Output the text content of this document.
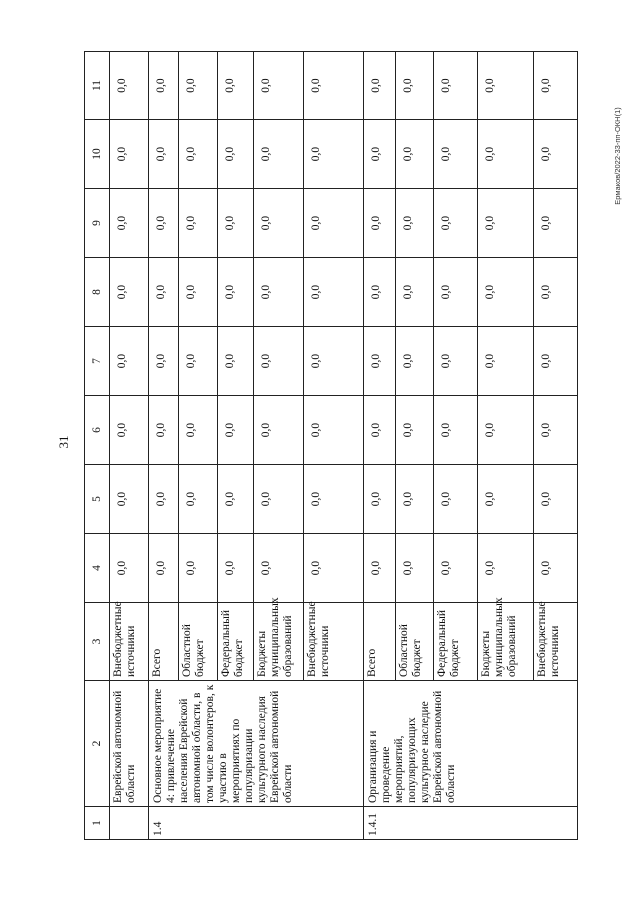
31
Ермаков/2022-33-пп-ОКН(1)
1	2	3	4	5	6	7	8	9	10	11
	Еврейской автономной области	Внебюджетные источники	0,0	0,0	0,0	0,0	0,0	0,0	0,0	0,0
1.4	Основное мероприятие 4: привлечение населения Еврейской автономной области, в том числе волонтеров, к участию в мероприятиях по популяризации культурного наследия Еврейской автономной области	Всего	0,0	0,0	0,0	0,0	0,0	0,0	0,0	0,0
		Областной бюджет	0,0	0,0	0,0	0,0	0,0	0,0	0,0	0,0
		Федеральный бюджет	0,0	0,0	0,0	0,0	0,0	0,0	0,0	0,0
		Бюджеты муниципальных образований	0,0	0,0	0,0	0,0	0,0	0,0	0,0	0,0
		Внебюджетные источники	0,0	0,0	0,0	0,0	0,0	0,0	0,0	0,0
1.4.1	Организация и проведение мероприятий, популяризующих культурное наследие Еврейской автономной области	Всего	0,0	0,0	0,0	0,0	0,0	0,0	0,0	0,0
		Областной бюджет	0,0	0,0	0,0	0,0	0,0	0,0	0,0	0,0
		Федеральный бюджет	0,0	0,0	0,0	0,0	0,0	0,0	0,0	0,0
		Бюджеты муниципальных образований	0,0	0,0	0,0	0,0	0,0	0,0	0,0	0,0
		Внебюджетные источники	0,0	0,0	0,0	0,0	0,0	0,0	0,0	0,0
